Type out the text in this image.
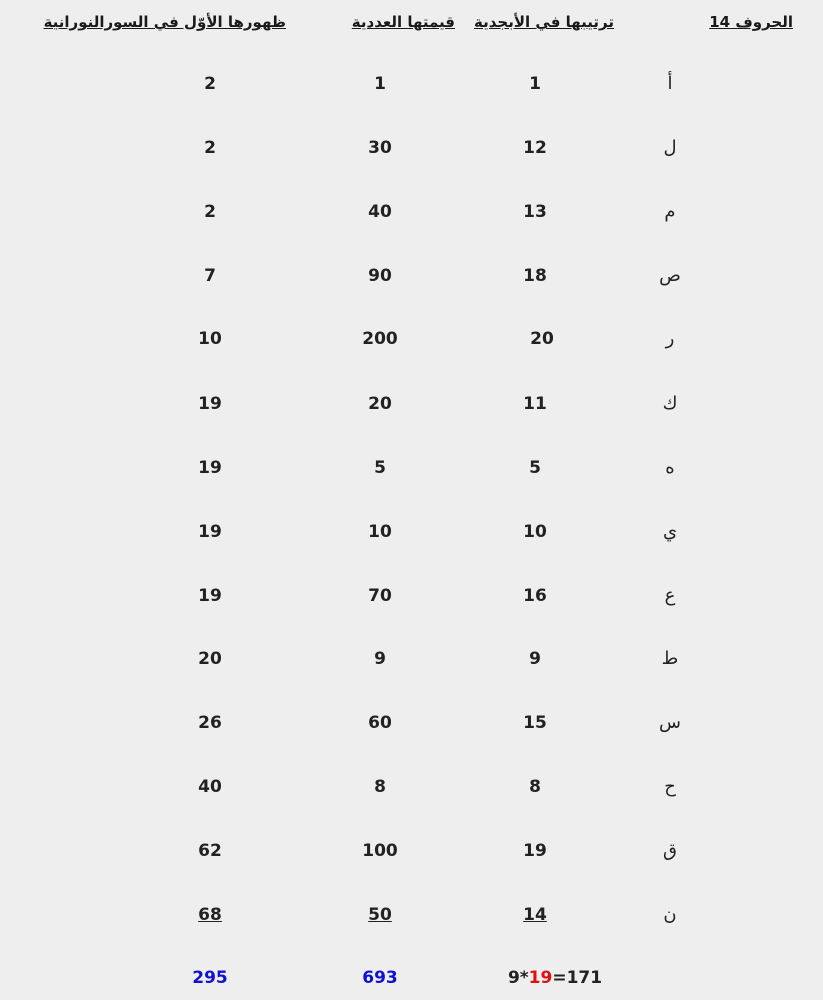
الحروف 14
ترتيبها في الأبجدية
قيمتها العددية
ظهورها الأوّل في السورالنورانية
أ
1
1
2
ل
12
30
2
م
13
40
2
ص
18
90
7
ر
20
200
10
ك
11
20
19
ه
5
5
19
ي
10
10
19
ع
16
70
19
ط
9
9
20
س
15
60
26
ح
8
8
40
ق
19
100
62
ن
14
50
68
9*19=171
693
295
